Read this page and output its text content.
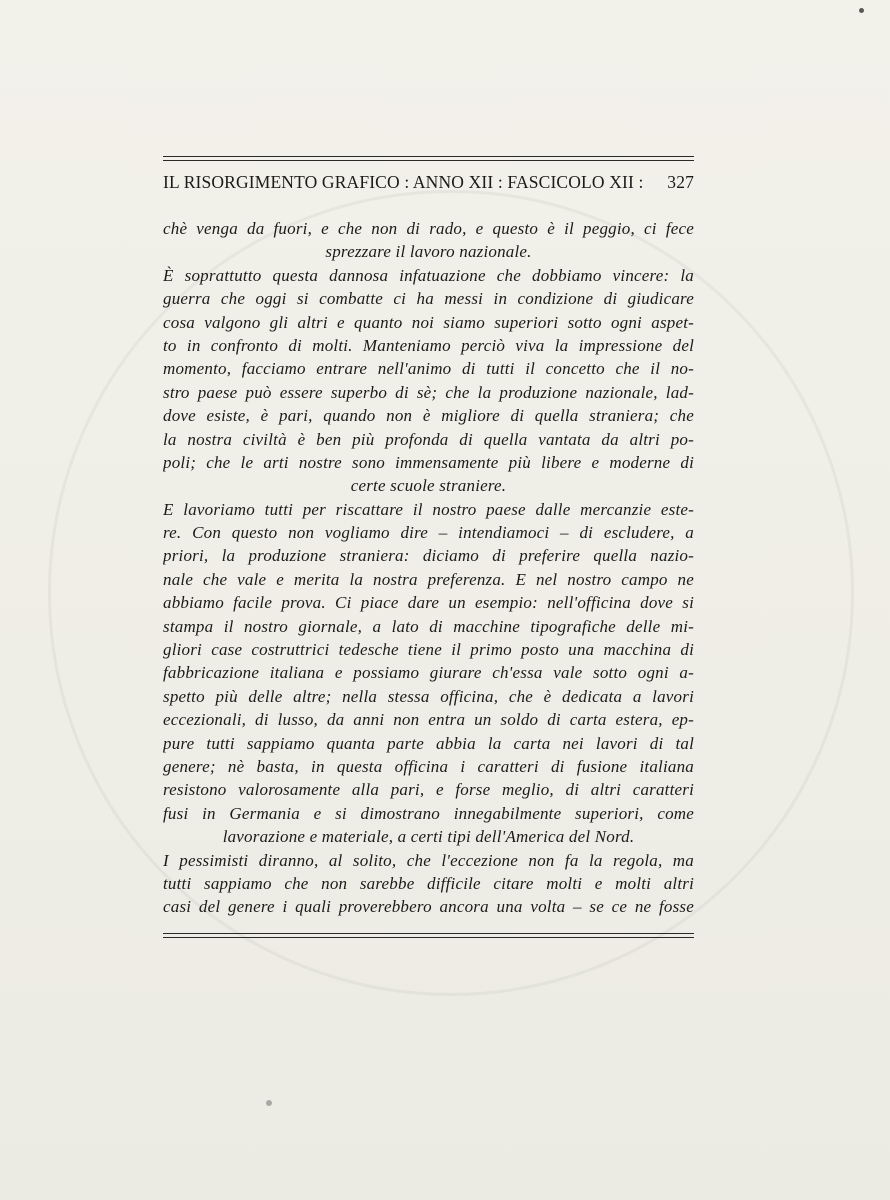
IL RISORGIMENTO GRAFICO : ANNO XII : FASCICOLO XII : 327
chè venga da fuori, e che non di rado, e questo è il peggio, ci fece
sprezzare il lavoro nazionale.
È soprattutto questa dannosa infatuazione che dobbiamo vincere: la
guerra che oggi si combatte ci ha messi in condizione di giudicare
cosa valgono gli altri e quanto noi siamo superiori sotto ogni aspet-
to in confronto di molti. Manteniamo perciò viva la impressione del
momento, facciamo entrare nell'animo di tutti il concetto che il no-
stro paese può essere superbo di sè; che la produzione nazionale, lad-
dove esiste, è pari, quando non è migliore di quella straniera; che
la nostra civiltà è ben più profonda di quella vantata da altri po-
poli; che le arti nostre sono immensamente più libere e moderne di
certe scuole straniere.
E lavoriamo tutti per riscattare il nostro paese dalle mercanzie este-
re. Con questo non vogliamo dire – intendiamoci – di escludere, a
priori, la produzione straniera: diciamo di preferire quella nazio-
nale che vale e merita la nostra preferenza. E nel nostro campo ne
abbiamo facile prova. Ci piace dare un esempio: nell'officina dove si
stampa il nostro giornale, a lato di macchine tipografiche delle mi-
gliori case costruttrici tedesche tiene il primo posto una macchina di
fabbricazione italiana e possiamo giurare ch'essa vale sotto ogni a-
spetto più delle altre; nella stessa officina, che è dedicata a lavori
eccezionali, di lusso, da anni non entra un soldo di carta estera, ep-
pure tutti sappiamo quanta parte abbia la carta nei lavori di tal
genere; nè basta, in questa officina i caratteri di fusione italiana
resistono valorosamente alla pari, e forse meglio, di altri caratteri
fusi in Germania e si dimostrano innegabilmente superiori, come
lavorazione e materiale, a certi tipi dell'America del Nord.
I pessimisti diranno, al solito, che l'eccezione non fa la regola, ma
tutti sappiamo che non sarebbe difficile citare molti e molti altri
casi del genere i quali proverebbero ancora una volta – se ce ne fosse
